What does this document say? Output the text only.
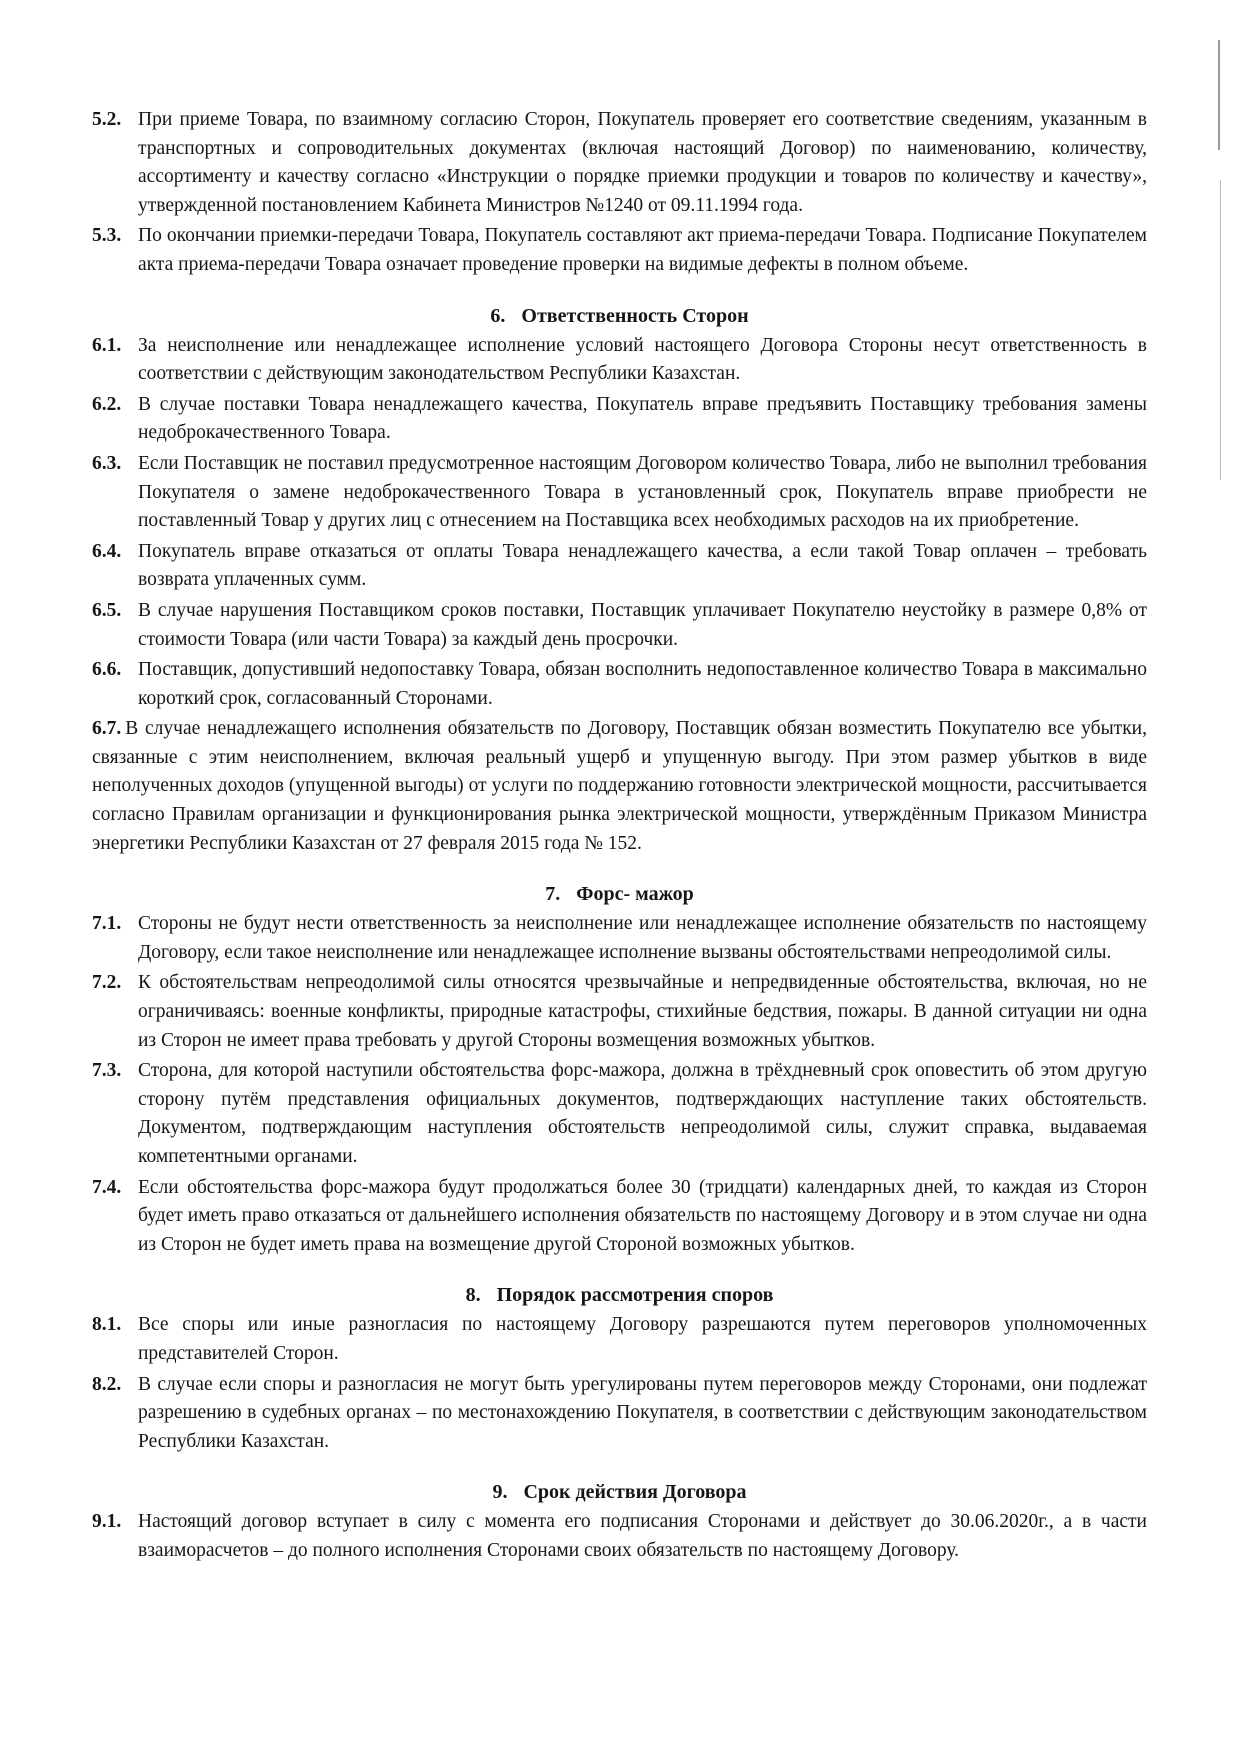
5.2. При приеме Товара, по взаимному согласию Сторон, Покупатель проверяет его соответствие сведениям, указанным в транспортных и сопроводительных документах (включая настоящий Договор) по наименованию, количеству, ассортименту и качеству согласно «Инструкции о порядке приемки продукции и товаров по количеству и качеству», утвержденной постановлением Кабинета Министров №1240 от 09.11.1994 года.
5.3. По окончании приемки-передачи Товара, Покупатель составляют акт приема-передачи Товара. Подписание Покупателем акта приема-передачи Товара означает проведение проверки на видимые дефекты в полном объеме.
6. Ответственность Сторон
6.1. За неисполнение или ненадлежащее исполнение условий настоящего Договора Стороны несут ответственность в соответствии с действующим законодательством Республики Казахстан.
6.2. В случае поставки Товара ненадлежащего качества, Покупатель вправе предъявить Поставщику требования замены недоброкачественного Товара.
6.3. Если Поставщик не поставил предусмотренное настоящим Договором количество Товара, либо не выполнил требования Покупателя о замене недоброкачественного Товара в установленный срок, Покупатель вправе приобрести не поставленный Товар у других лиц с отнесением на Поставщика всех необходимых расходов на их приобретение.
6.4. Покупатель вправе отказаться от оплаты Товара ненадлежащего качества, а если такой Товар оплачен – требовать возврата уплаченных сумм.
6.5. В случае нарушения Поставщиком сроков поставки, Поставщик уплачивает Покупателю неустойку в размере 0,8% от стоимости Товара (или части Товара) за каждый день просрочки.
6.6. Поставщик, допустивший недопоставку Товара, обязан восполнить недопоставленное количество Товара в максимально короткий срок, согласованный Сторонами.
6.7. В случае ненадлежащего исполнения обязательств по Договору, Поставщик обязан возместить Покупателю все убытки, связанные с этим неисполнением, включая реальный ущерб и упущенную выгоду. При этом размер убытков в виде неполученных доходов (упущенной выгоды) от услуги по поддержанию готовности электрической мощности, рассчитывается согласно Правилам организации и функционирования рынка электрической мощности, утверждённым Приказом Министра энергетики Республики Казахстан от 27 февраля 2015 года № 152.
7. Форс- мажор
7.1. Стороны не будут нести ответственность за неисполнение или ненадлежащее исполнение обязательств по настоящему Договору, если такое неисполнение или ненадлежащее исполнение вызваны обстоятельствами непреодолимой силы.
7.2. К обстоятельствам непреодолимой силы относятся чрезвычайные и непредвиденные обстоятельства, включая, но не ограничиваясь: военные конфликты, природные катастрофы, стихийные бедствия, пожары. В данной ситуации ни одна из Сторон не имеет права требовать у другой Стороны возмещения возможных убытков.
7.3. Сторона, для которой наступили обстоятельства форс-мажора, должна в трёхдневный срок оповестить об этом другую сторону путём представления официальных документов, подтверждающих наступление таких обстоятельств. Документом, подтверждающим наступления обстоятельств непреодолимой силы, служит справка, выдаваемая компетентными органами.
7.4. Если обстоятельства форс-мажора будут продолжаться более 30 (тридцати) календарных дней, то каждая из Сторон будет иметь право отказаться от дальнейшего исполнения обязательств по настоящему Договору и в этом случае ни одна из Сторон не будет иметь права на возмещение другой Стороной возможных убытков.
8. Порядок рассмотрения споров
8.1. Все споры или иные разногласия по настоящему Договору разрешаются путем переговоров уполномоченных представителей Сторон.
8.2. В случае если споры и разногласия не могут быть урегулированы путем переговоров между Сторонами, они подлежат разрешению в судебных органах – по местонахождению Покупателя, в соответствии с действующим законодательством Республики Казахстан.
9. Срок действия Договора
9.1. Настоящий договор вступает в силу с момента его подписания Сторонами и действует до 30.06.2020г., а в части взаиморасчетов – до полного исполнения Сторонами своих обязательств по настоящему Договору.
